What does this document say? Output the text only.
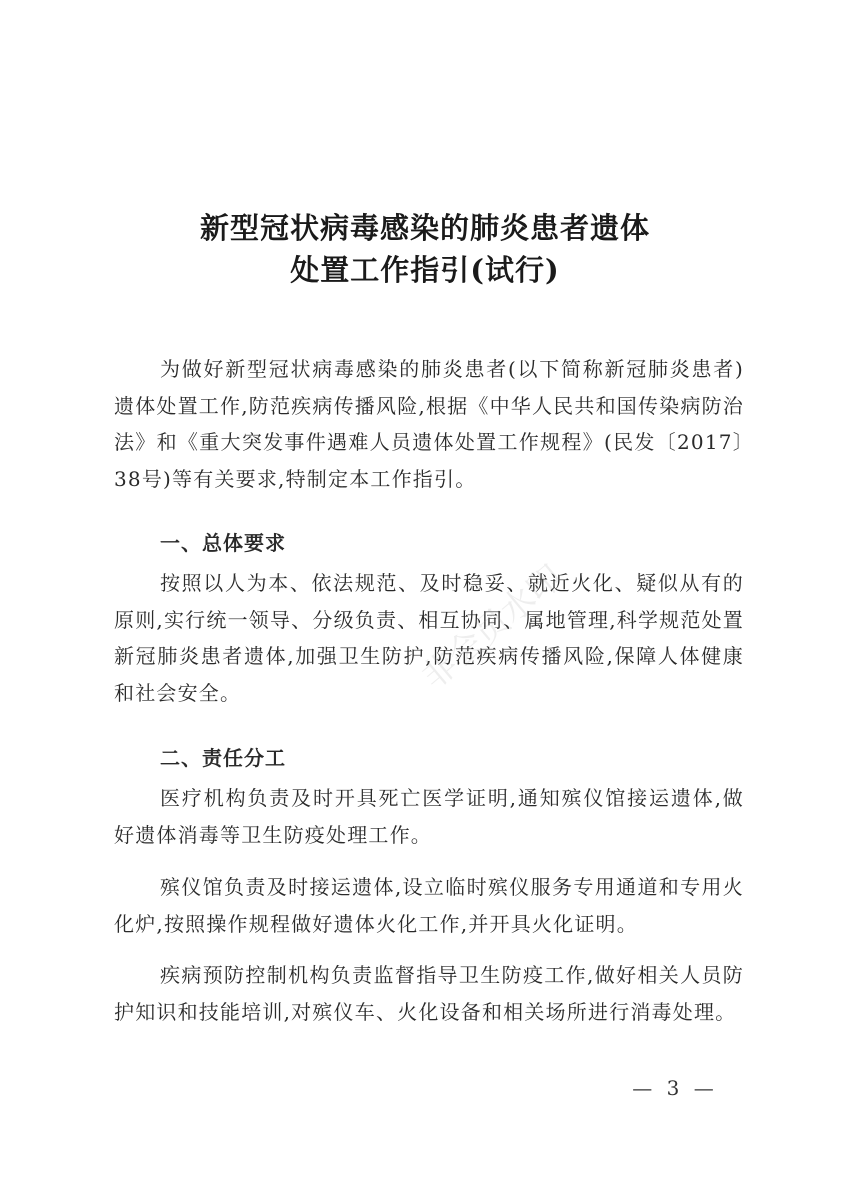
新型冠状病毒感染的肺炎患者遗体
处置工作指引(试行)
为做好新型冠状病毒感染的肺炎患者(以下简称新冠肺炎患者)遗体处置工作,防范疾病传播风险,根据《中华人民共和国传染病防治法》和《重大突发事件遇难人员遗体处置工作规程》(民发〔2017〕38号)等有关要求,特制定本工作指引。
一、总体要求
按照以人为本、依法规范、及时稳妥、就近火化、疑似从有的原则,实行统一领导、分级负责、相互协同、属地管理,科学规范处置新冠肺炎患者遗体,加强卫生防护,防范疾病传播风险,保障人体健康和社会安全。
二、责任分工
医疗机构负责及时开具死亡医学证明,通知殡仪馆接运遗体,做好遗体消毒等卫生防疫处理工作。
殡仪馆负责及时接运遗体,设立临时殡仪服务专用通道和专用火化炉,按照操作规程做好遗体火化工作,并开具火化证明。
疾病预防控制机构负责监督指导卫生防疫工作,做好相关人员防护知识和技能培训,对殡仪车、火化设备和相关场所进行消毒处理。
非会员水印
— 3 —
